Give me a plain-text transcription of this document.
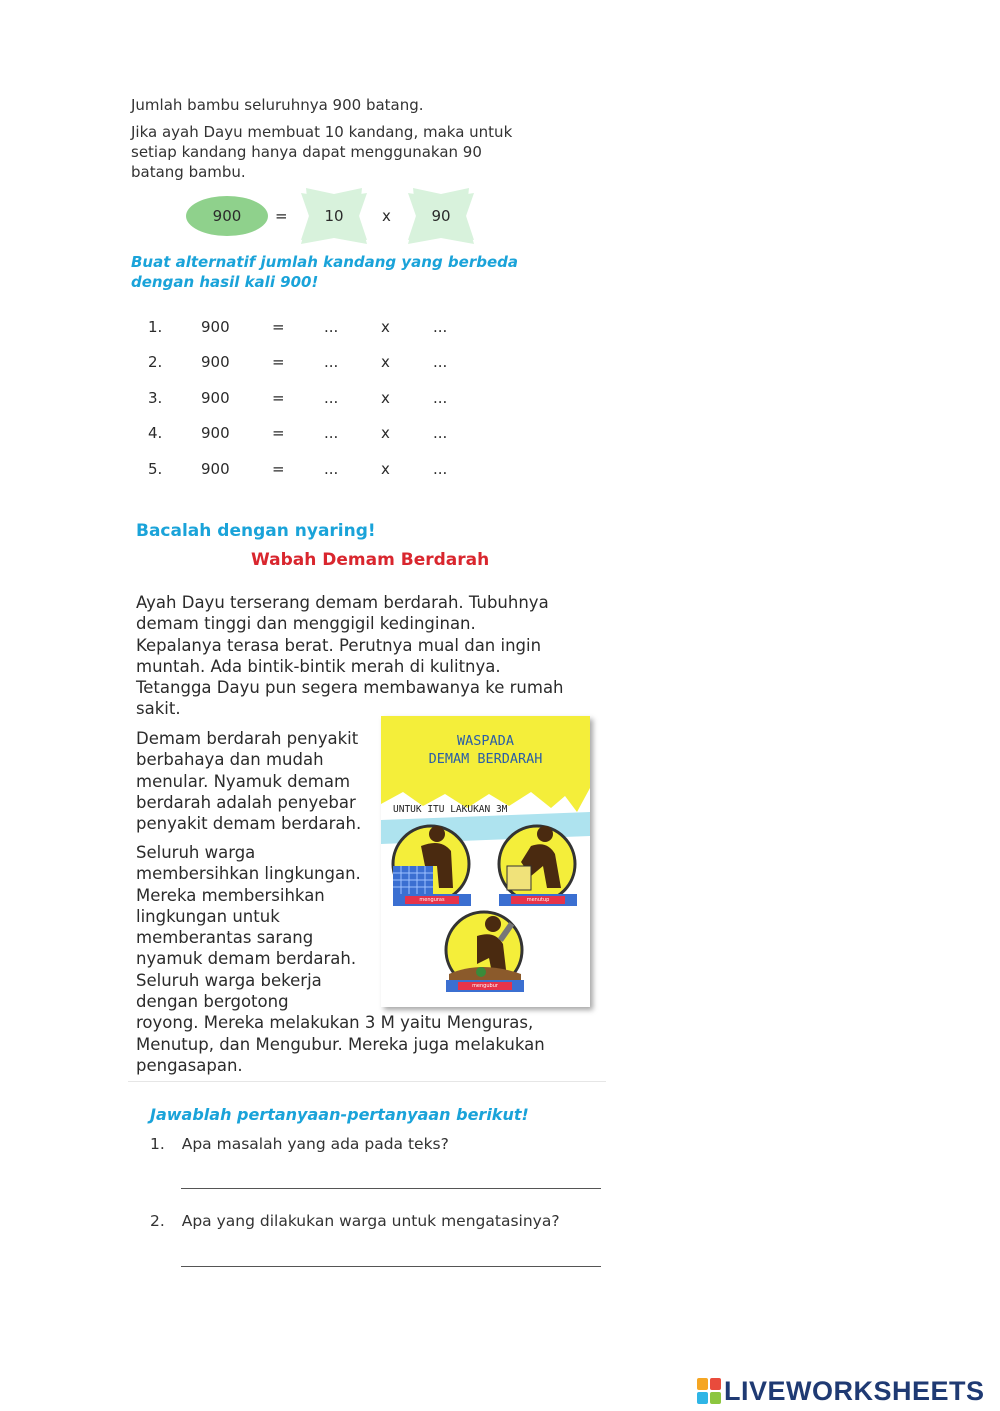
Jumlah bambu seluruhnya 900 batang.
Jika ayah Dayu membuat 10 kandang, maka untuk
setiap kandang hanya dapat menggunakan 90
batang bambu.
900 = 10	x	90
Buat alternatif jumlah kandang yang berbeda
dengan hasil kali 900!
1.	900	=	...	x	...
2.	900	=	...	x	...
3.	900	=	...	x	...
4.	900	=	...	x	...
5.	900	=	...	x	...
Bacalah dengan nyaring!
Wabah Demam Berdarah
Ayah Dayu terserang demam berdarah. Tubuhnya
demam tinggi dan menggigil kedinginan.
Kepalanya terasa berat. Perutnya mual dan ingin
muntah. Ada bintik-bintik merah di kulitnya.
Tetangga Dayu pun segera membawanya ke rumah
sakit.
Demam berdarah penyakit
berbahaya dan mudah
menular. Nyamuk demam
berdarah adalah penyebar
penyakit demam berdarah.
Seluruh warga
membersihkan lingkungan.
Mereka membersihkan
lingkungan untuk
memberantas sarang
nyamuk demam berdarah.
Seluruh warga bekerja
dengan bergotong
royong. Mereka melakukan 3 M yaitu Menguras,
Menutup, dan Mengubur. Mereka juga melakukan
pengasapan.
WASPADA
DEMAM BERDARAH
UNTUK ITU LAKUKAN 3M
menguras	menutup
mengubur
Jawablah pertanyaan-pertanyaan berikut!
1. Apa masalah yang ada pada teks?
2. Apa yang dilakukan warga untuk mengatasinya?
LIVEWORKSHEETS
